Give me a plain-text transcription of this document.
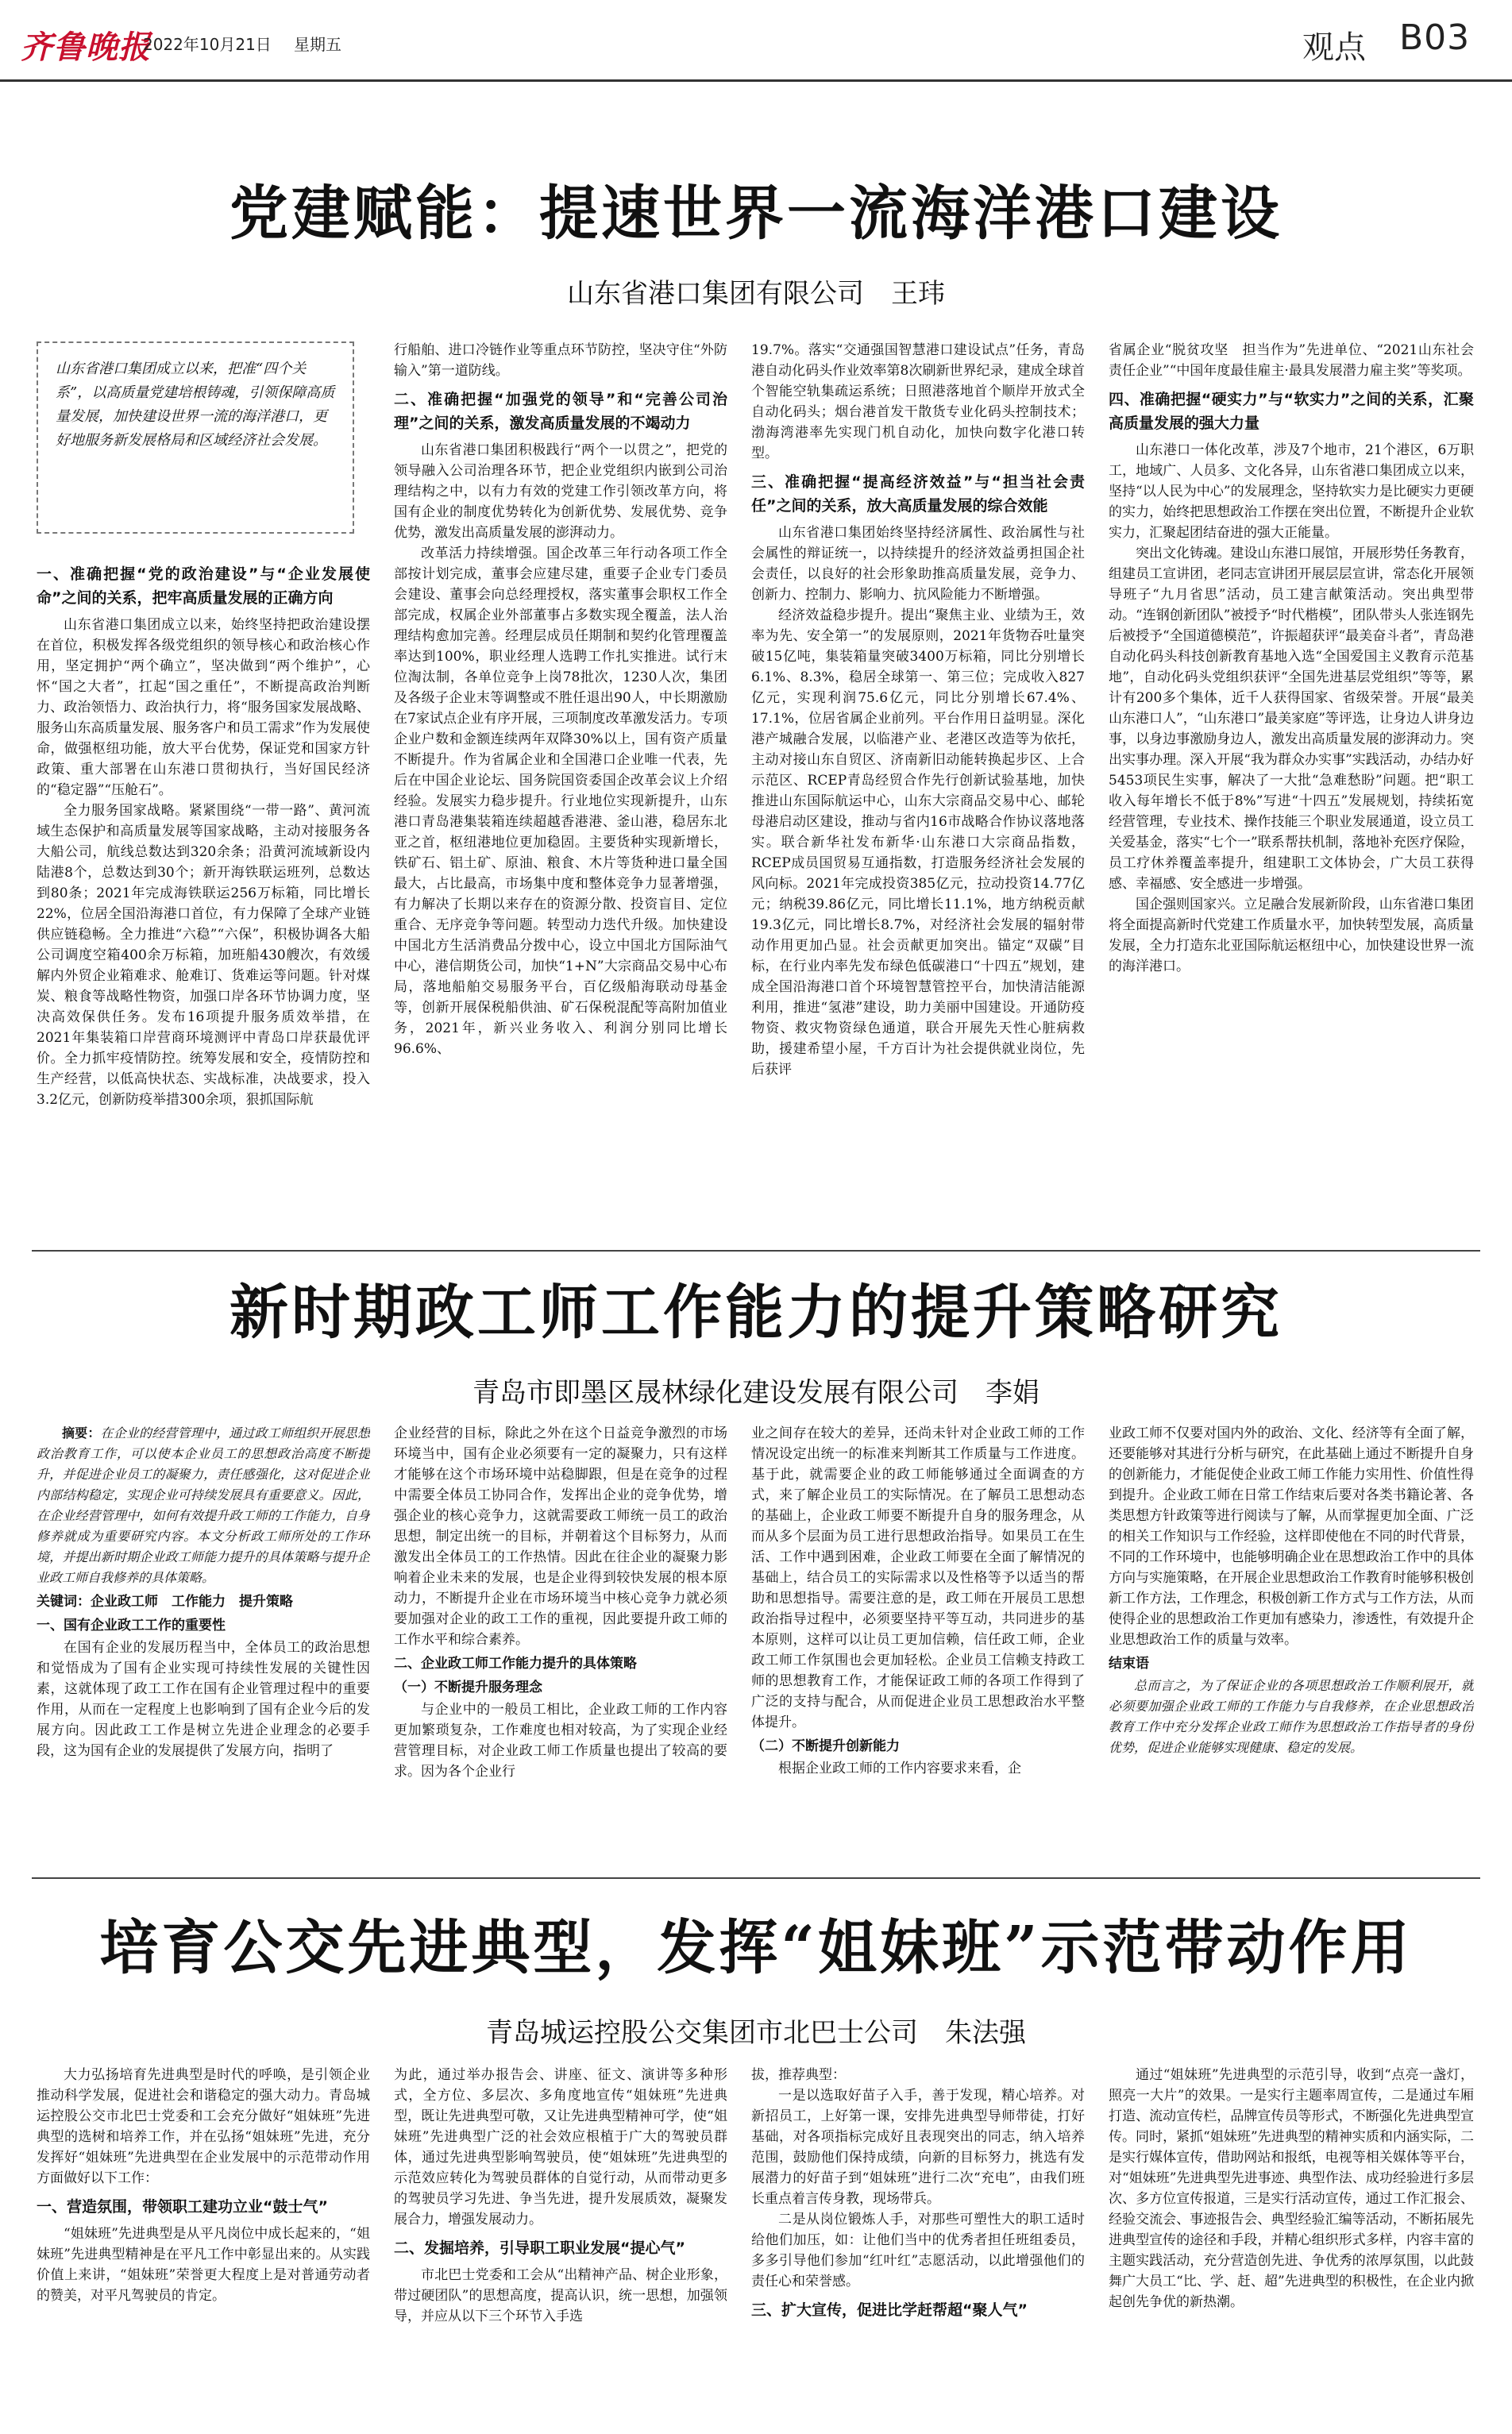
齐鲁晚报
2022年10月21日 星期五	观点 B03
党建赋能：提速世界一流海洋港口建设
山东省港口集团有限公司　王玮
山东省港口集团成立以来，把准“四个关系”，以高质量党建培根铸魂，引领保障高质量发展，加快建设世界一流的海洋港口，更好地服务新发展格局和区域经济社会发展。
一、准确把握“党的政治建设”与“企业发展使命”之间的关系，把牢高质量发展的正确方向

山东省港口集团成立以来，始终坚持把政治建设摆在首位，积极发挥各级党组织的领导核心和政治核心作用，坚定拥护“两个确立”，坚决做到“两个维护”，心怀“国之大者”，扛起“国之重任”，不断提高政治判断力、政治领悟力、政治执行力，将“服务国家发展战略、服务山东高质量发展、服务客户和员工需求”作为发展使命，做强枢纽功能，放大平台优势，保证党和国家方针政策、重大部署在山东港口贯彻执行，当好国民经济的“稳定器”“压舱石”。

全力服务国家战略。紧紧围绕“一带一路”、黄河流域生态保护和高质量发展等国家战略，主动对接服务各大船公司，航线总数达到320余条；沿黄河流域新设内陆港8个，总数达到30个；新开海铁联运班列，总数达到80条；2021年完成海铁联运256万标箱，同比增长22%，位居全国沿海港口首位，有力保障了全球产业链供应链稳畅。全力推进“六稳”“六保”，积极协调各大船公司调度空箱400余万标箱，加班船430艘次，有效缓解内外贸企业箱难求、舱难订、货难运等问题。针对煤炭、粮食等战略性物资，加强口岸各环节协调力度，坚决高效保供任务。发布16项提升服务质效举措，在2021年集装箱口岸营商环境测评中青岛口岸获最优评价。全力抓牢疫情防控。统筹发展和安全，疫情防控和生产经营，以低高快状态、实战标准，决战要求，投入3.2亿元，创新防疫举措300余项，狠抓国际航

行船舶、进口冷链作业等重点环节防控，坚决守住“外防输入”第一道防线。

二、准确把握“加强党的领导”和“完善公司治理”之间的关系，激发高质量发展的不竭动力

山东省港口集团积极践行“两个一以贯之”，把党的领导融入公司治理各环节，把企业党组织内嵌到公司治理结构之中，以有力有效的党建工作引领改革方向，将国有企业的制度优势转化为创新优势、发展优势、竞争优势，激发出高质量发展的澎湃动力。

改革活力持续增强。国企改革三年行动各项工作全部按计划完成，董事会应建尽建，重要子企业专门委员会建设、董事会向总经理授权，落实董事会职权工作全部完成，权属企业外部董事占多数实现全覆盖，法人治理结构愈加完善。经理层成员任期制和契约化管理覆盖率达到100%，职业经理人选聘工作扎实推进。试行末位淘汰制，各单位竞争上岗78批次，1230人次，集团及各级子企业末等调整或不胜任退出90人，中长期激励在7家试点企业有序开展，三项制度改革激发活力。专项企业户数和金额连续两年双降30%以上，国有资产质量不断提升。作为省属企业和全国港口企业唯一代表，先后在中国企业论坛、国务院国资委国企改革会议上介绍经验。发展实力稳步提升。行业地位实现新提升，山东港口青岛港集装箱连续超越香港港、釜山港，稳居东北亚之首，枢纽港地位更加稳固。主要货种实现新增长，铁矿石、铝土矿、原油、粮食、木片等货种进口量全国最大，占比最高，市场集中度和整体竞争力显著增强，有力解决了长期以来存在的资源分散、投资盲目、定位重合、无序竞争等问题。转型动力迭代升级。加快建设中国北方生活消费品分拨中心，设立中国北方国际油气中心，港信期货公司，加快“1+N”大宗商品交易中心布局，落地船舶交易服务平台，百亿级船海联动母基金等，创新开展保税船供油、矿石保税混配等高附加值业务，2021年，新兴业务收入、利润分别同比增长96.6%、

19.7%。落实“交通强国智慧港口建设试点”任务，青岛港自动化码头作业效率第8次刷新世界纪录，建成全球首个智能空轨集疏运系统；日照港落地首个顺岸开放式全自动化码头；烟台港首发干散货专业化码头控制技术；渤海湾港率先实现门机自动化，加快向数字化港口转型。

三、准确把握“提高经济效益”与“担当社会责任”之间的关系，放大高质量发展的综合效能

山东省港口集团始终坚持经济属性、政治属性与社会属性的辩证统一，以持续提升的经济效益勇担国企社会责任，以良好的社会形象助推高质量发展，竞争力、创新力、控制力、影响力、抗风险能力不断增强。

经济效益稳步提升。提出“聚焦主业、业绩为王，效率为先、安全第一”的发展原则，2021年货物吞吐量突破15亿吨，集装箱量突破3400万标箱，同比分别增长6.1%、8.3%，稳居全球第一、第三位；完成收入827亿元，实现利润75.6亿元，同比分别增长67.4%、17.1%，位居省属企业前列。平台作用日益明显。深化港产城融合发展，以临港产业、老港区改造等为依托，主动对接山东自贸区、济南新旧动能转换起步区、上合示范区、RCEP青岛经贸合作先行创新试验基地，加快推进山东国际航运中心，山东大宗商品交易中心、邮轮母港启动区建设，推动与省内16市战略合作协议落地落实。联合新华社发布新华·山东港口大宗商品指数，RCEP成员国贸易互通指数，打造服务经济社会发展的风向标。2021年完成投资385亿元，拉动投资14.77亿元；纳税39.86亿元，同比增长11.1%，地方纳税贡献19.3亿元，同比增长8.7%，对经济社会发展的辐射带动作用更加凸显。社会贡献更加突出。锚定“双碳”目标，在行业内率先发布绿色低碳港口“十四五”规划，建成全国沿海港口首个环境智慧管控平台，加快清洁能源利用，推进“氢港”建设，助力美丽中国建设。开通防疫物资、救灾物资绿色通道，联合开展先天性心脏病救助，援建希望小屋，千方百计为社会提供就业岗位，先后获评

省属企业“脱贫攻坚　担当作为”先进单位、“2021山东社会责任企业”“中国年度最佳雇主·最具发展潜力雇主奖”等奖项。

四、准确把握“硬实力”与“软实力”之间的关系，汇聚高质量发展的强大力量

山东港口一体化改革，涉及7个地市，21个港区，6万职工，地域广、人员多、文化各异，山东省港口集团成立以来，坚持“以人民为中心”的发展理念，坚持软实力是比硬实力更硬的实力，始终把思想政治工作摆在突出位置，不断提升企业软实力，汇聚起团结奋进的强大正能量。

突出文化铸魂。建设山东港口展馆，开展形势任务教育，组建员工宣讲团，老同志宣讲团开展层层宣讲，常态化开展领导班子“九月省思”活动，员工建言献策活动。突出典型带动。“连钢创新团队”被授予“时代楷模”，团队带头人张连钢先后被授予“全国道德模范”，许振超获评“最美奋斗者”，青岛港自动化码头科技创新教育基地入选“全国爱国主义教育示范基地”，自动化码头党组织获评“全国先进基层党组织”等等，累计有200多个集体，近千人获得国家、省级荣誉。开展“最美山东港口人”，“山东港口”最美家庭”等评选，让身边人讲身边事，以身边事激励身边人，激发出高质量发展的澎湃动力。突出实事办理。深入开展“我为群众办实事”实践活动，办结办好5453项民生实事，解决了一大批“急难愁盼”问题。把“职工收入每年增长不低于8%”写进“十四五”发展规划，持续拓宽经营管理，专业技术、操作技能三个职业发展通道，设立员工关爱基金，落实“七个一”联系帮扶机制，落地补充医疗保险，员工疗休养覆盖率提升，组建职工文体协会，广大员工获得感、幸福感、安全感进一步增强。

国企强则国家兴。立足融合发展新阶段，山东省港口集团将全面提高新时代党建工作质量水平，加快转型发展，高质量发展，全力打造东北亚国际航运枢纽中心，加快建设世界一流的海洋港口。

新时期政工师工作能力的提升策略研究
青岛市即墨区晟林绿化建设发展有限公司　李娟

摘要：在企业的经营管理中，通过政工师组织开展思想政治教育工作，可以使本企业员工的思想政治高度不断提升，并促进企业员工的凝聚力，责任感强化，这对促进企业内部结构稳定，实现企业可持续发展具有重要意义。因此，在企业经营管理中，如何有效提升政工师的工作能力，自身修养就成为重要研究内容。本文分析政工师所处的工作环境，并提出新时期企业政工师能力提升的具体策略与提升企业政工师自我修养的具体策略。

关键词：企业政工师　工作能力　提升策略
一、国有企业政工工作的重要性

在国有企业的发展历程当中，全体员工的政治思想和觉悟成为了国有企业实现可持续性发展的关键性因素，这就体现了政工工作在国有企业管理过程中的重要作用，从而在一定程度上也影响到了国有企业今后的发展方向。因此政工工作是树立先进企业理念的必要手段，这为国有企业的发展提供了发展方向，指明了

企业经营的目标，除此之外在这个日益竞争激烈的市场环境当中，国有企业必须要有一定的凝聚力，只有这样才能够在这个市场环境中站稳脚跟，但是在竞争的过程中需要全体员工协同合作，发挥出企业的竞争优势，增强企业的核心竞争力，这就需要政工师统一员工的政治思想，制定出统一的目标，并朝着这个目标努力，从而激发出全体员工的工作热情。因此在往企业的凝聚力影响着企业未来的发展，也是企业得到较快发展的根本原动力，不断提升企业在市场环境当中核心竞争力就必须要加强对企业的政工工作的重视，因此要提升政工师的工作水平和综合素养。

二、企业政工师工作能力提升的具体策略
（一）不断提升服务理念

与企业中的一般员工相比，企业政工师的工作内容更加繁琐复杂，工作难度也相对较高，为了实现企业经营管理目标，对企业政工师工作质量也提出了较高的要求。因为各个企业行

业之间存在较大的差异，还尚未针对企业政工师的工作情况设定出统一的标准来判断其工作质量与工作进度。基于此，就需要企业的政工师能够通过全面调查的方式，来了解企业员工的实际情况。在了解员工思想动态的基础上，企业政工师要不断提升自身的服务理念，从而从多个层面为员工进行思想政治指导。如果员工在生活、工作中遇到困难，企业政工师要在全面了解情况的基础上，结合员工的实际需求以及性格等予以适当的帮助和思想指导。需要注意的是，政工师在开展员工思想政治指导过程中，必须要坚持平等互动，共同进步的基本原则，这样可以让员工更加信赖，信任政工师，企业政工师工作氛围也会更加轻松。企业员工信赖支持政工师的思想教育工作，才能保证政工师的各项工作得到了广泛的支持与配合，从而促进企业员工思想政治水平整体提升。

（二）不断提升创新能力

根据企业政工师的工作内容要求来看，企

业政工师不仅要对国内外的政治、文化、经济等有全面了解，还要能够对其进行分析与研究，在此基础上通过不断提升自身的创新能力，才能促使企业政工师工作能力实用性、价值性得到提升。企业政工师在日常工作结束后要对各类书籍论著、各类思想方针政策等进行阅读与了解，从而掌握更加全面、广泛的相关工作知识与工作经验，这样即使他在不同的时代背景，不同的工作环境中，也能够明确企业在思想政治工作中的具体方向与实施策略，在开展企业思想政治工作教育时能够积极创新工作方法，工作理念，积极创新工作方式与工作方法，从而使得企业的思想政治工作更加有感染力，渗透性，有效提升企业思想政治工作的质量与效率。

结束语

总而言之，为了保证企业的各项思想政治工作顺利展开，就必须要加强企业政工师的工作能力与自我修养，在企业思想政治教育工作中充分发挥企业政工师作为思想政治工作指导者的身份优势，促进企业能够实现健康、稳定的发展。

培育公交先进典型，发挥“姐妹班”示范带动作用
青岛城运控股公交集团市北巴士公司　朱法强

大力弘扬培育先进典型是时代的呼唤，是引领企业推动科学发展，促进社会和谐稳定的强大动力。青岛城运控股公交市北巴士党委和工会充分做好“姐妹班”先进典型的选树和培养工作，并在弘扬“姐妹班”先进，充分发挥好“姐妹班”先进典型在企业发展中的示范带动作用方面做好以下工作：

一、营造氛围，带领职工建功立业“鼓士气”

“姐妹班”先进典型是从平凡岗位中成长起来的，“姐妹班”先进典型精神是在平凡工作中彰显出来的。从实践价值上来讲，“姐妹班”荣誉更大程度上是对普通劳动者的赞美，对平凡驾驶员的肯定。

为此，通过举办报告会、讲座、征文、演讲等多种形式，全方位、多层次、多角度地宣传“姐妹班”先进典型，既让先进典型可敬，又让先进典型精神可学，使“姐妹班”先进典型广泛的社会效应根植于广大的驾驶员群体，通过先进典型影响驾驶员，使“姐妹班”先进典型的示范效应转化为驾驶员群体的自觉行动，从而带动更多的驾驶员学习先进、争当先进，提升发展质效，凝聚发展合力，增强发展动力。

二、发掘培养，引导职工职业发展“提心气”

市北巴士党委和工会从“出精神产品、树企业形象，带过硬团队”的思想高度，提高认识，统一思想，加强领导，并应从以下三个环节入手选

拔，推荐典型：

一是以选取好苗子入手，善于发现，精心培养。对新招员工，上好第一课，安排先进典型导师带徒，打好基础，对各项指标完成好且表现突出的同志，纳入培养范围，鼓励他们保持成绩，向新的目标努力，挑选有发展潜力的好苗子到“姐妹班”进行二次“充电”，由我们班长重点着言传身教，现场带兵。

二是从岗位锻炼人手，对那些可塑性大的职工适时给他们加压，如：让他们当中的优秀者担任班组委员，多多引导他们参加“红叶红”志愿活动，以此增强他们的责任心和荣誉感。

三、扩大宣传，促进比学赶帮超“聚人气”

通过“姐妹班”先进典型的示范引导，收到“点亮一盏灯，照亮一大片”的效果。一是实行主题率周宣传，二是通过车厢打造、流动宣传栏，品牌宣传员等形式，不断强化先进典型宣传。同时，紧抓“姐妹班”先进典型的精神实质和内涵实际，二是实行媒体宣传，借助网站和报纸，电视等相关媒体等平台，对“姐妹班”先进典型先进事迹、典型作法、成功经验进行多层次、多方位宣传报道，三是实行活动宣传，通过工作汇报会、经验交流会、事迹报告会、典型经验汇编等活动，不断拓展先进典型宣传的途径和手段，并精心组织形式多样，内容丰富的主题实践活动，充分营造创先进、争优秀的浓厚氛围，以此鼓舞广大员工“比、学、赶、超”先进典型的积极性，在企业内掀起创先争优的新热潮。
